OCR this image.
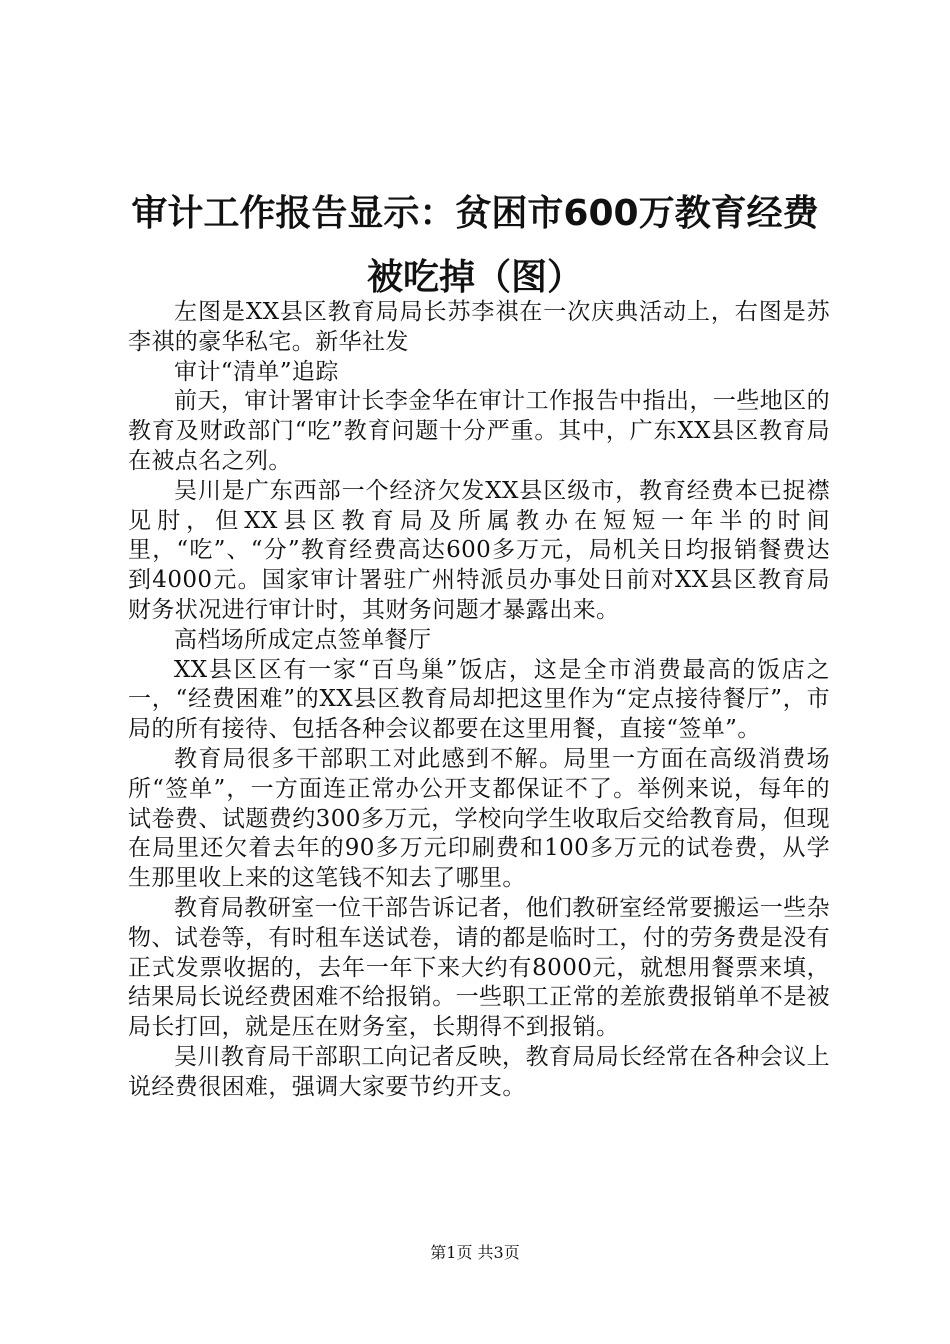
审计工作报告显示：贫困市600万教育经费被吃掉（图）

左图是XX县区教育局局长苏李祺在一次庆典活动上，右图是苏李祺的豪华私宅。新华社发

审计“清单”追踪

前天，审计署审计长李金华在审计工作报告中指出，一些地区的教育及财政部门“吃”教育问题十分严重。其中，广东XX县区教育局在被点名之列。

吴川是广东西部一个经济欠发XX县区级市，教育经费本已捉襟见肘，但XX县区教育局及所属教办在短短一年半的时间里，“吃”、“分”教育经费高达600多万元，局机关日均报销餐费达到4000元。国家审计署驻广州特派员办事处日前对XX县区教育局财务状况进行审计时，其财务问题才暴露出来。

高档场所成定点签单餐厅

XX县区区有一家“百鸟巢”饭店，这是全市消费最高的饭店之一，“经费困难”的XX县区教育局却把这里作为“定点接待餐厅”，市局的所有接待、包括各种会议都要在这里用餐，直接“签单”。

教育局很多干部职工对此感到不解。局里一方面在高级消费场所“签单”，一方面连正常办公开支都保证不了。举例来说，每年的试卷费、试题费约300多万元，学校向学生收取后交给教育局，但现在局里还欠着去年的90多万元印刷费和100多万元的试卷费，从学生那里收上来的这笔钱不知去了哪里。

教育局教研室一位干部告诉记者，他们教研室经常要搬运一些杂物、试卷等，有时租车送试卷，请的都是临时工，付的劳务费是没有正式发票收据的，去年一年下来大约有8000元，就想用餐票来填，结果局长说经费困难不给报销。一些职工正常的差旅费报销单不是被局长打回，就是压在财务室，长期得不到报销。

吴川教育局干部职工向记者反映，教育局局长经常在各种会议上说经费很困难，强调大家要节约开支。

第1页 共3页
